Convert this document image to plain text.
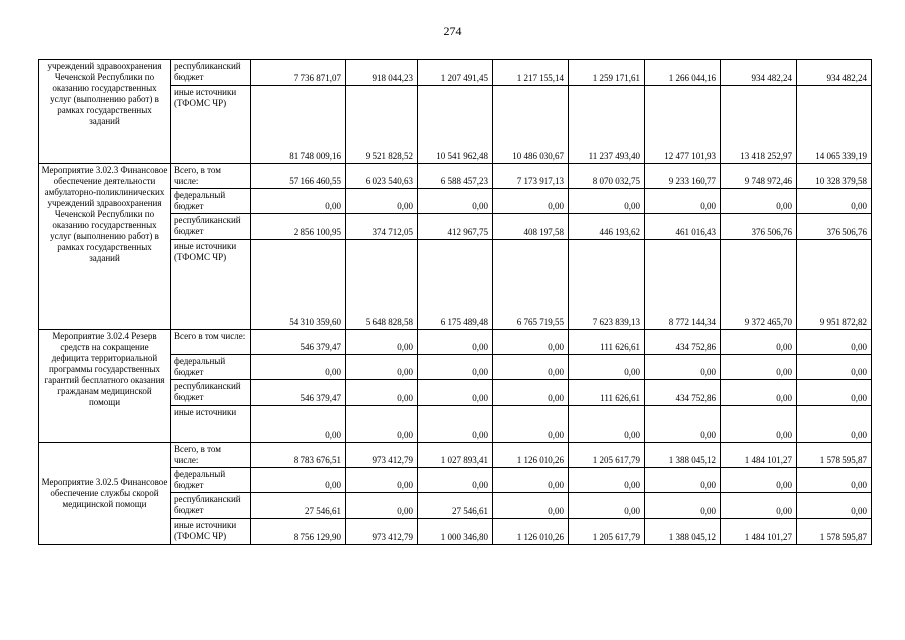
274
учреждений здравоохранения Чеченской Республики по оказанию государственных услуг (выполнению работ) в рамках государственных заданий	республиканский бюджет	7 736 871,07	918 044,23	1 207 491,45	1 217 155,14	1 259 171,61	1 266 044,16	934 482,24	934 482,24
	иные источники (ТФОМС ЧР)	81 748 009,16	9 521 828,52	10 541 962,48	10 486 030,67	11 237 493,40	12 477 101,93	13 418 252,97	14 065 339,19
Мероприятие 3.02.3 Финансовое обеспечение деятельности амбулаторно-поликлинических учреждений здравоохранения Чеченской Республики по оказанию государственных услуг (выполнению работ) в рамках государственных заданий	Всего, в том числе:	57 166 460,55	6 023 540,63	6 588 457,23	7 173 917,13	8 070 032,75	9 233 160,77	9 748 972,46	10 328 379,58
	федеральный бюджет	0,00	0,00	0,00	0,00	0,00	0,00	0,00	0,00
	республиканский бюджет	2 856 100,95	374 712,05	412 967,75	408 197,58	446 193,62	461 016,43	376 506,76	376 506,76
	иные источники (ТФОМС ЧР)	54 310 359,60	5 648 828,58	6 175 489,48	6 765 719,55	7 623 839,13	8 772 144,34	9 372 465,70	9 951 872,82
Мероприятие 3.02.4 Резерв средств на сокращение дефицита территориальной программы государственных гарантий бесплатного оказания гражданам медицинской помощи	Всего в том числе:	546 379,47	0,00	0,00	0,00	111 626,61	434 752,86	0,00	0,00
	федеральный бюджет	0,00	0,00	0,00	0,00	0,00	0,00	0,00	0,00
	республиканский бюджет	546 379,47	0,00	0,00	0,00	111 626,61	434 752,86	0,00	0,00
	иные источники	0,00	0,00	0,00	0,00	0,00	0,00	0,00	0,00
Мероприятие 3.02.5 Финансовое обеспечение службы скорой медицинской помощи	Всего, в том числе:	8 783 676,51	973 412,79	1 027 893,41	1 126 010,26	1 205 617,79	1 388 045,12	1 484 101,27	1 578 595,87
	федеральный бюджет	0,00	0,00	0,00	0,00	0,00	0,00	0,00	0,00
	республиканский бюджет	27 546,61	0,00	27 546,61	0,00	0,00	0,00	0,00	0,00
	иные источники (ТФОМС ЧР)	8 756 129,90	973 412,79	1 000 346,80	1 126 010,26	1 205 617,79	1 388 045,12	1 484 101,27	1 578 595,87
